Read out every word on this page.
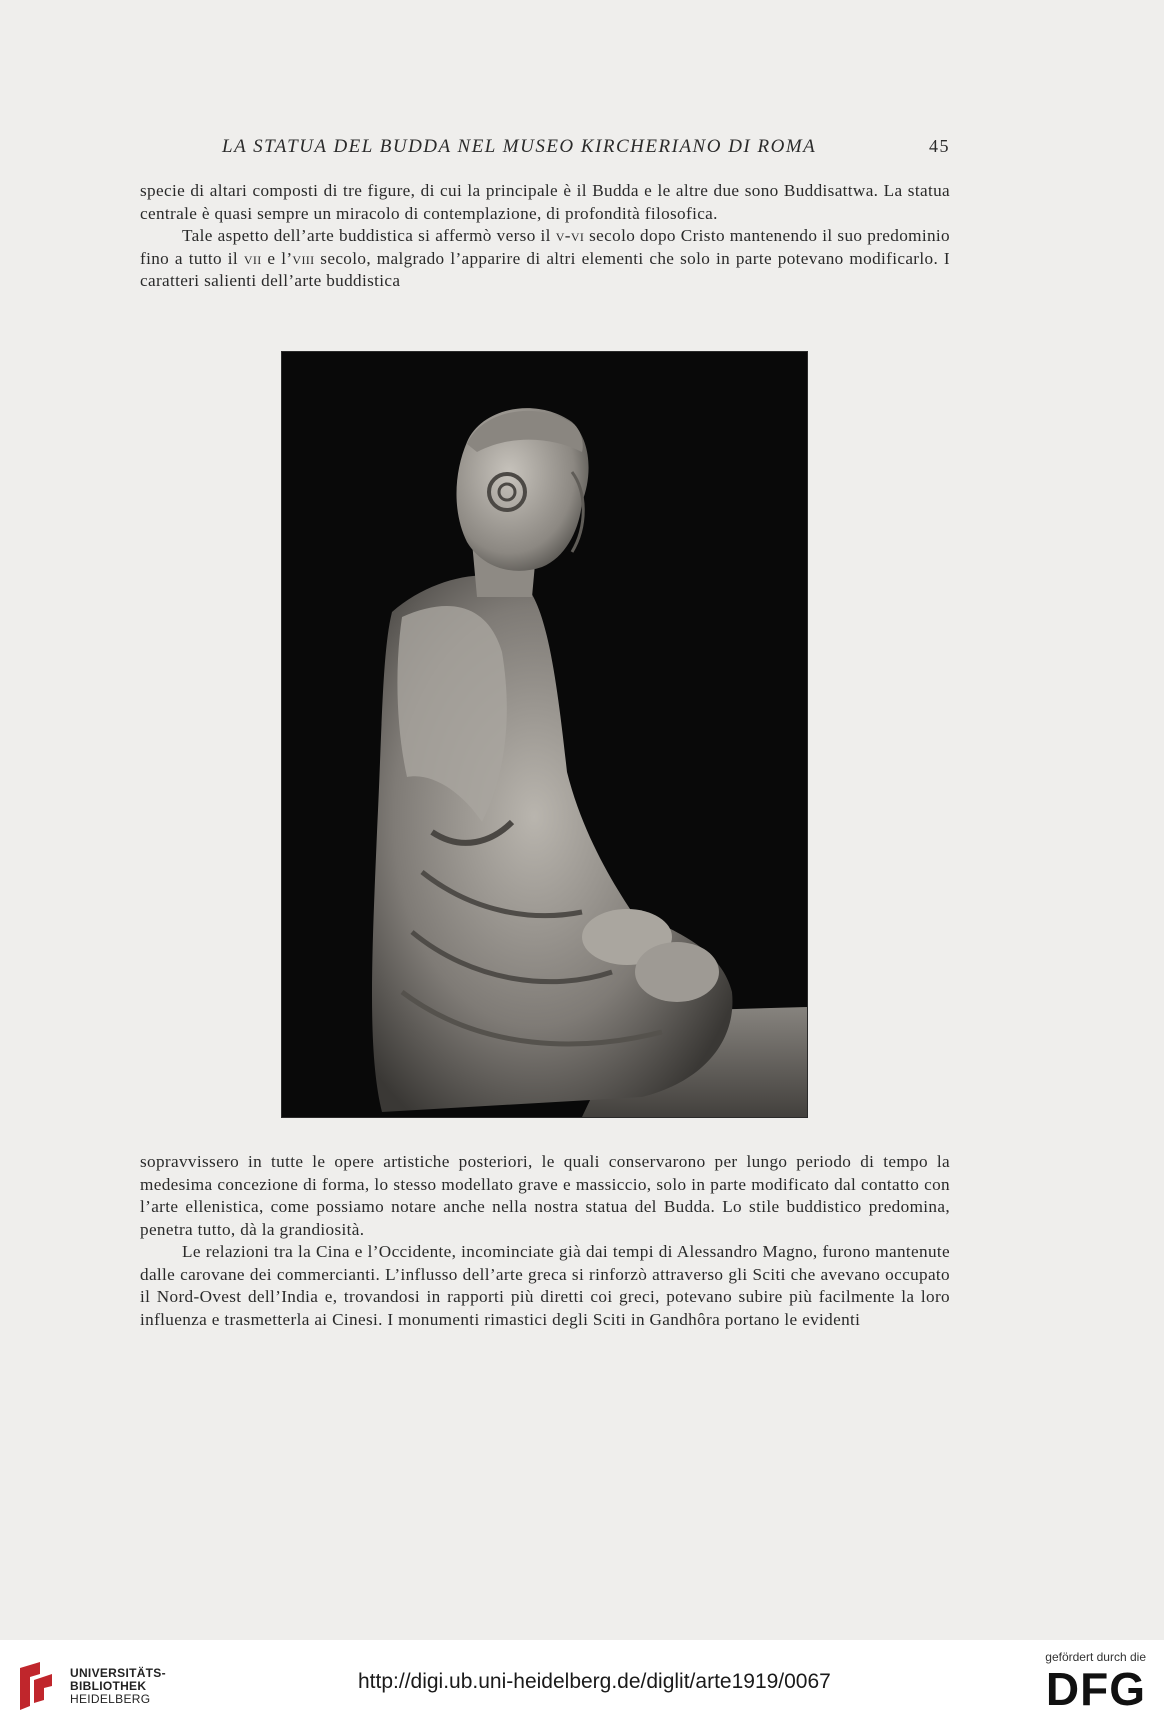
LA STATUA DEL BUDDA NEL MUSEO KIRCHERIANO DI ROMA	45

specie di altari composti di tre figure, di cui la principale è il Budda e le altre due sono Buddisattwa. La statua centrale è quasi sempre un miracolo di contemplazione, di profondità filosofica.

Tale aspetto dell’arte buddistica si affermò verso il v-vi secolo dopo Cristo mantenendo il suo predominio fino a tutto il vii e l’viii secolo, malgrado l’apparire di altri elementi che solo in parte potevano modificarlo. I caratteri salienti dell’arte buddistica

sopravvissero in tutte le opere artistiche posteriori, le quali conservarono per lungo periodo di tempo la medesima concezione di forma, lo stesso modellato grave e massiccio, solo in parte modificato dal contatto con l’arte ellenistica, come possiamo notare anche nella nostra statua del Budda. Lo stile buddistico predomina, penetra tutto, dà la grandiosità.

Le relazioni tra la Cina e l’Occidente, incominciate già dai tempi di Alessandro Magno, furono mantenute dalle carovane dei commercianti. L’influsso dell’arte greca si rinforzò attraverso gli Sciti che avevano occupato il Nord-Ovest dell’India e, trovandosi in rapporti più diretti coi greci, potevano subire più facilmente la loro influenza e trasmetterla ai Cinesi. I monumenti rimastici degli Sciti in Gandhôra portano le evidenti

UNIVERSITÄTS-
BIBLIOTHEK
HEIDELBERG
http://digi.ub.uni-heidelberg.de/diglit/arte1919/0067
gefördert durch die
DFG
